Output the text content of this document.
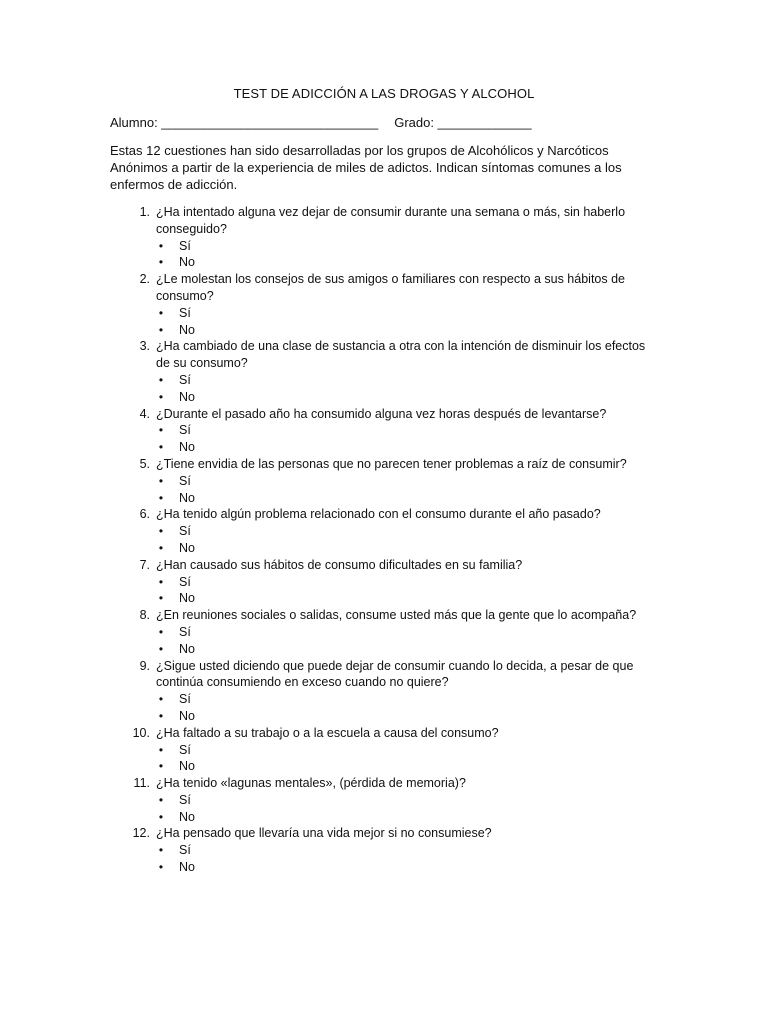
TEST DE ADICCIÓN A LAS DROGAS Y ALCOHOL
Alumno: ______________________________ Grado: _____________
Estas 12 cuestiones han sido desarrolladas por los grupos de Alcohólicos y Narcóticos Anónimos a partir de la experiencia de miles de adictos. Indican síntomas comunes a los enfermos de adicción.
1. ¿Ha intentado alguna vez dejar de consumir durante una semana o más, sin haberlo conseguido?
• Sí
• No
2. ¿Le molestan los consejos de sus amigos o familiares con respecto a sus hábitos de consumo?
• Sí
• No
3. ¿Ha cambiado de una clase de sustancia a otra con la intención de disminuir los efectos de su consumo?
• Sí
• No
4. ¿Durante el pasado año ha consumido alguna vez horas después de levantarse?
• Sí
• No
5. ¿Tiene envidia de las personas que no parecen tener problemas a raíz de consumir?
• Sí
• No
6. ¿Ha tenido algún problema relacionado con el consumo durante el año pasado?
• Sí
• No
7. ¿Han causado sus hábitos de consumo dificultades en su familia?
• Sí
• No
8. ¿En reuniones sociales o salidas, consume usted más que la gente que lo acompaña?
• Sí
• No
9. ¿Sigue usted diciendo que puede dejar de consumir cuando lo decida, a pesar de que continúa consumiendo en exceso cuando no quiere?
• Sí
• No
10. ¿Ha faltado a su trabajo o a la escuela a causa del consumo?
• Sí
• No
11. ¿Ha tenido «lagunas mentales», (pérdida de memoria)?
• Sí
• No
12. ¿Ha pensado que llevaría una vida mejor si no consumiese?
• Sí
• No
